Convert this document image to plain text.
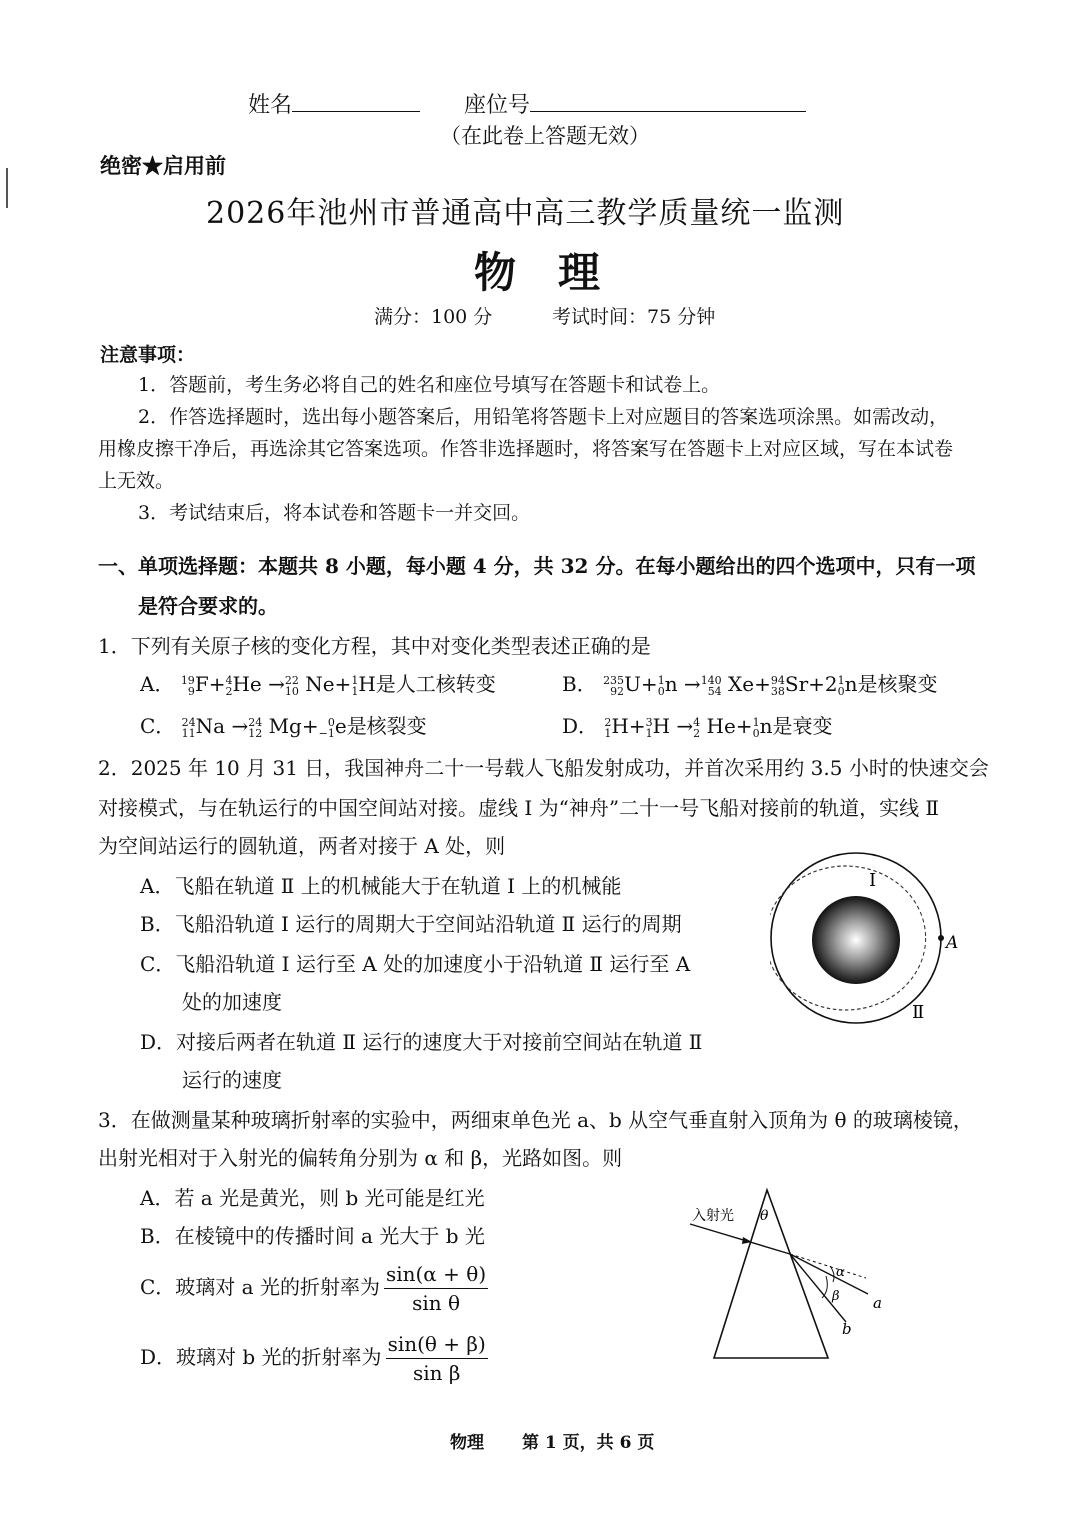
姓名	座位号
（在此卷上答题无效）
绝密★启用前
2026年池州市普通高中高三教学质量统一监测
物　理
满分：100 分	考试时间：75 分钟
注意事项：
1．答题前，考生务必将自己的姓名和座位号填写在答题卡和试卷上。
2．作答选择题时，选出每小题答案后，用铅笔将答题卡上对应题目的答案选项涂黑。如需改动，
用橡皮擦干净后，再选涂其它答案选项。作答非选择题时，将答案写在答题卡上对应区域，写在本试卷
上无效。
3．考试结束后，将本试卷和答题卡一并交回。
一、单项选择题：本题共 8 小题，每小题 4 分，共 32 分。在每小题给出的四个选项中，只有一项
是符合要求的。
1．下列有关原子核的变化方程，其中对变化类型表述正确的是
A． 19
9 F+ 4
2 He → 22
10 Ne+ 1
1 H是人工核转变	B． 235
92 U+ 1
0 n → 140
54 Xe+ 94
38 Sr+2 1
0 n是核聚变
C． 24
11 Na → 24
12 Mg+ 0
−1 e是核裂变	D． 2
1 H+ 3
1 H → 4
2 He+ 1
0 n是衰变
2．2025 年 10 月 31 日，我国神舟二十一号载人飞船发射成功，并首次采用约 3.5 小时的快速交会
对接模式，与在轨运行的中国空间站对接。虚线 Ⅰ 为“神舟”二十一号飞船对接前的轨道，实线 Ⅱ
为空间站运行的圆轨道，两者对接于 A 处，则
A．飞船在轨道 Ⅱ 上的机械能大于在轨道 Ⅰ 上的机械能
B．飞船沿轨道 Ⅰ 运行的周期大于空间站沿轨道 Ⅱ 运行的周期
C．飞船沿轨道 Ⅰ 运行至 A 处的加速度小于沿轨道 Ⅱ 运行至 A
处的加速度
D．对接后两者在轨道 Ⅱ 运行的速度大于对接前空间站在轨道 Ⅱ
运行的速度
Ⅰ
A
Ⅱ
3．在做测量某种玻璃折射率的实验中，两细束单色光 a、b 从空气垂直射入顶角为 θ 的玻璃棱镜，
出射光相对于入射光的偏转角分别为 α 和 β，光路如图。则
A．若 a 光是黄光，则 b 光可能是红光
B．在棱镜中的传播时间 a 光大于 b 光
C．玻璃对 a 光的折射率为 $\frac{\sin(\alpha + \theta)}{\text{sin θ}}$
D．玻璃对 b 光的折射率为 $\frac{\sin(\theta + \beta)}{\text{sin β}}$
入射光 θ
α
β a
b
物理 第 1 页，共 6 页
